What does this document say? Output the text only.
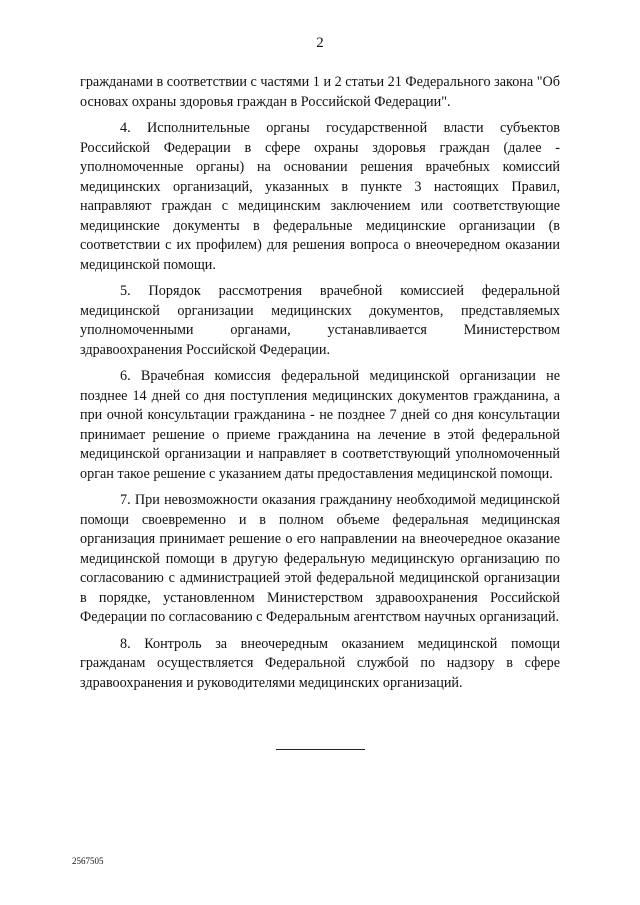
2

гражданами в соответствии с частями 1 и 2 статьи 21 Федерального закона "Об основах охраны здоровья граждан в Российской Федерации".

4. Исполнительные органы государственной власти субъектов Российской Федерации в сфере охраны здоровья граждан (далее - уполномоченные органы) на основании решения врачебных комиссий медицинских организаций, указанных в пункте 3 настоящих Правил, направляют граждан с медицинским заключением или соответствующие медицинские документы в федеральные медицинские организации (в соответствии с их профилем) для решения вопроса о внеочередном оказании медицинской помощи.

5. Порядок рассмотрения врачебной комиссией федеральной медицинской организации медицинских документов, представляемых уполномоченными органами, устанавливается Министерством здравоохранения Российской Федерации.

6. Врачебная комиссия федеральной медицинской организации не позднее 14 дней со дня поступления медицинских документов гражданина, а при очной консультации гражданина - не позднее 7 дней со дня консультации принимает решение о приеме гражданина на лечение в этой федеральной медицинской организации и направляет в соответствующий уполномоченный орган такое решение с указанием даты предоставления медицинской помощи.

7. При невозможности оказания гражданину необходимой медицинской помощи своевременно и в полном объеме федеральная медицинская организация принимает решение о его направлении на внеочередное оказание медицинской помощи в другую федеральную медицинскую организацию по согласованию с администрацией этой федеральной медицинской организации в порядке, установленном Министерством здравоохранения Российской Федерации по согласованию с Федеральным агентством научных организаций.

8. Контроль за внеочередным оказанием медицинской помощи гражданам осуществляется Федеральной службой по надзору в сфере здравоохранения и руководителями медицинских организаций.

2567505
